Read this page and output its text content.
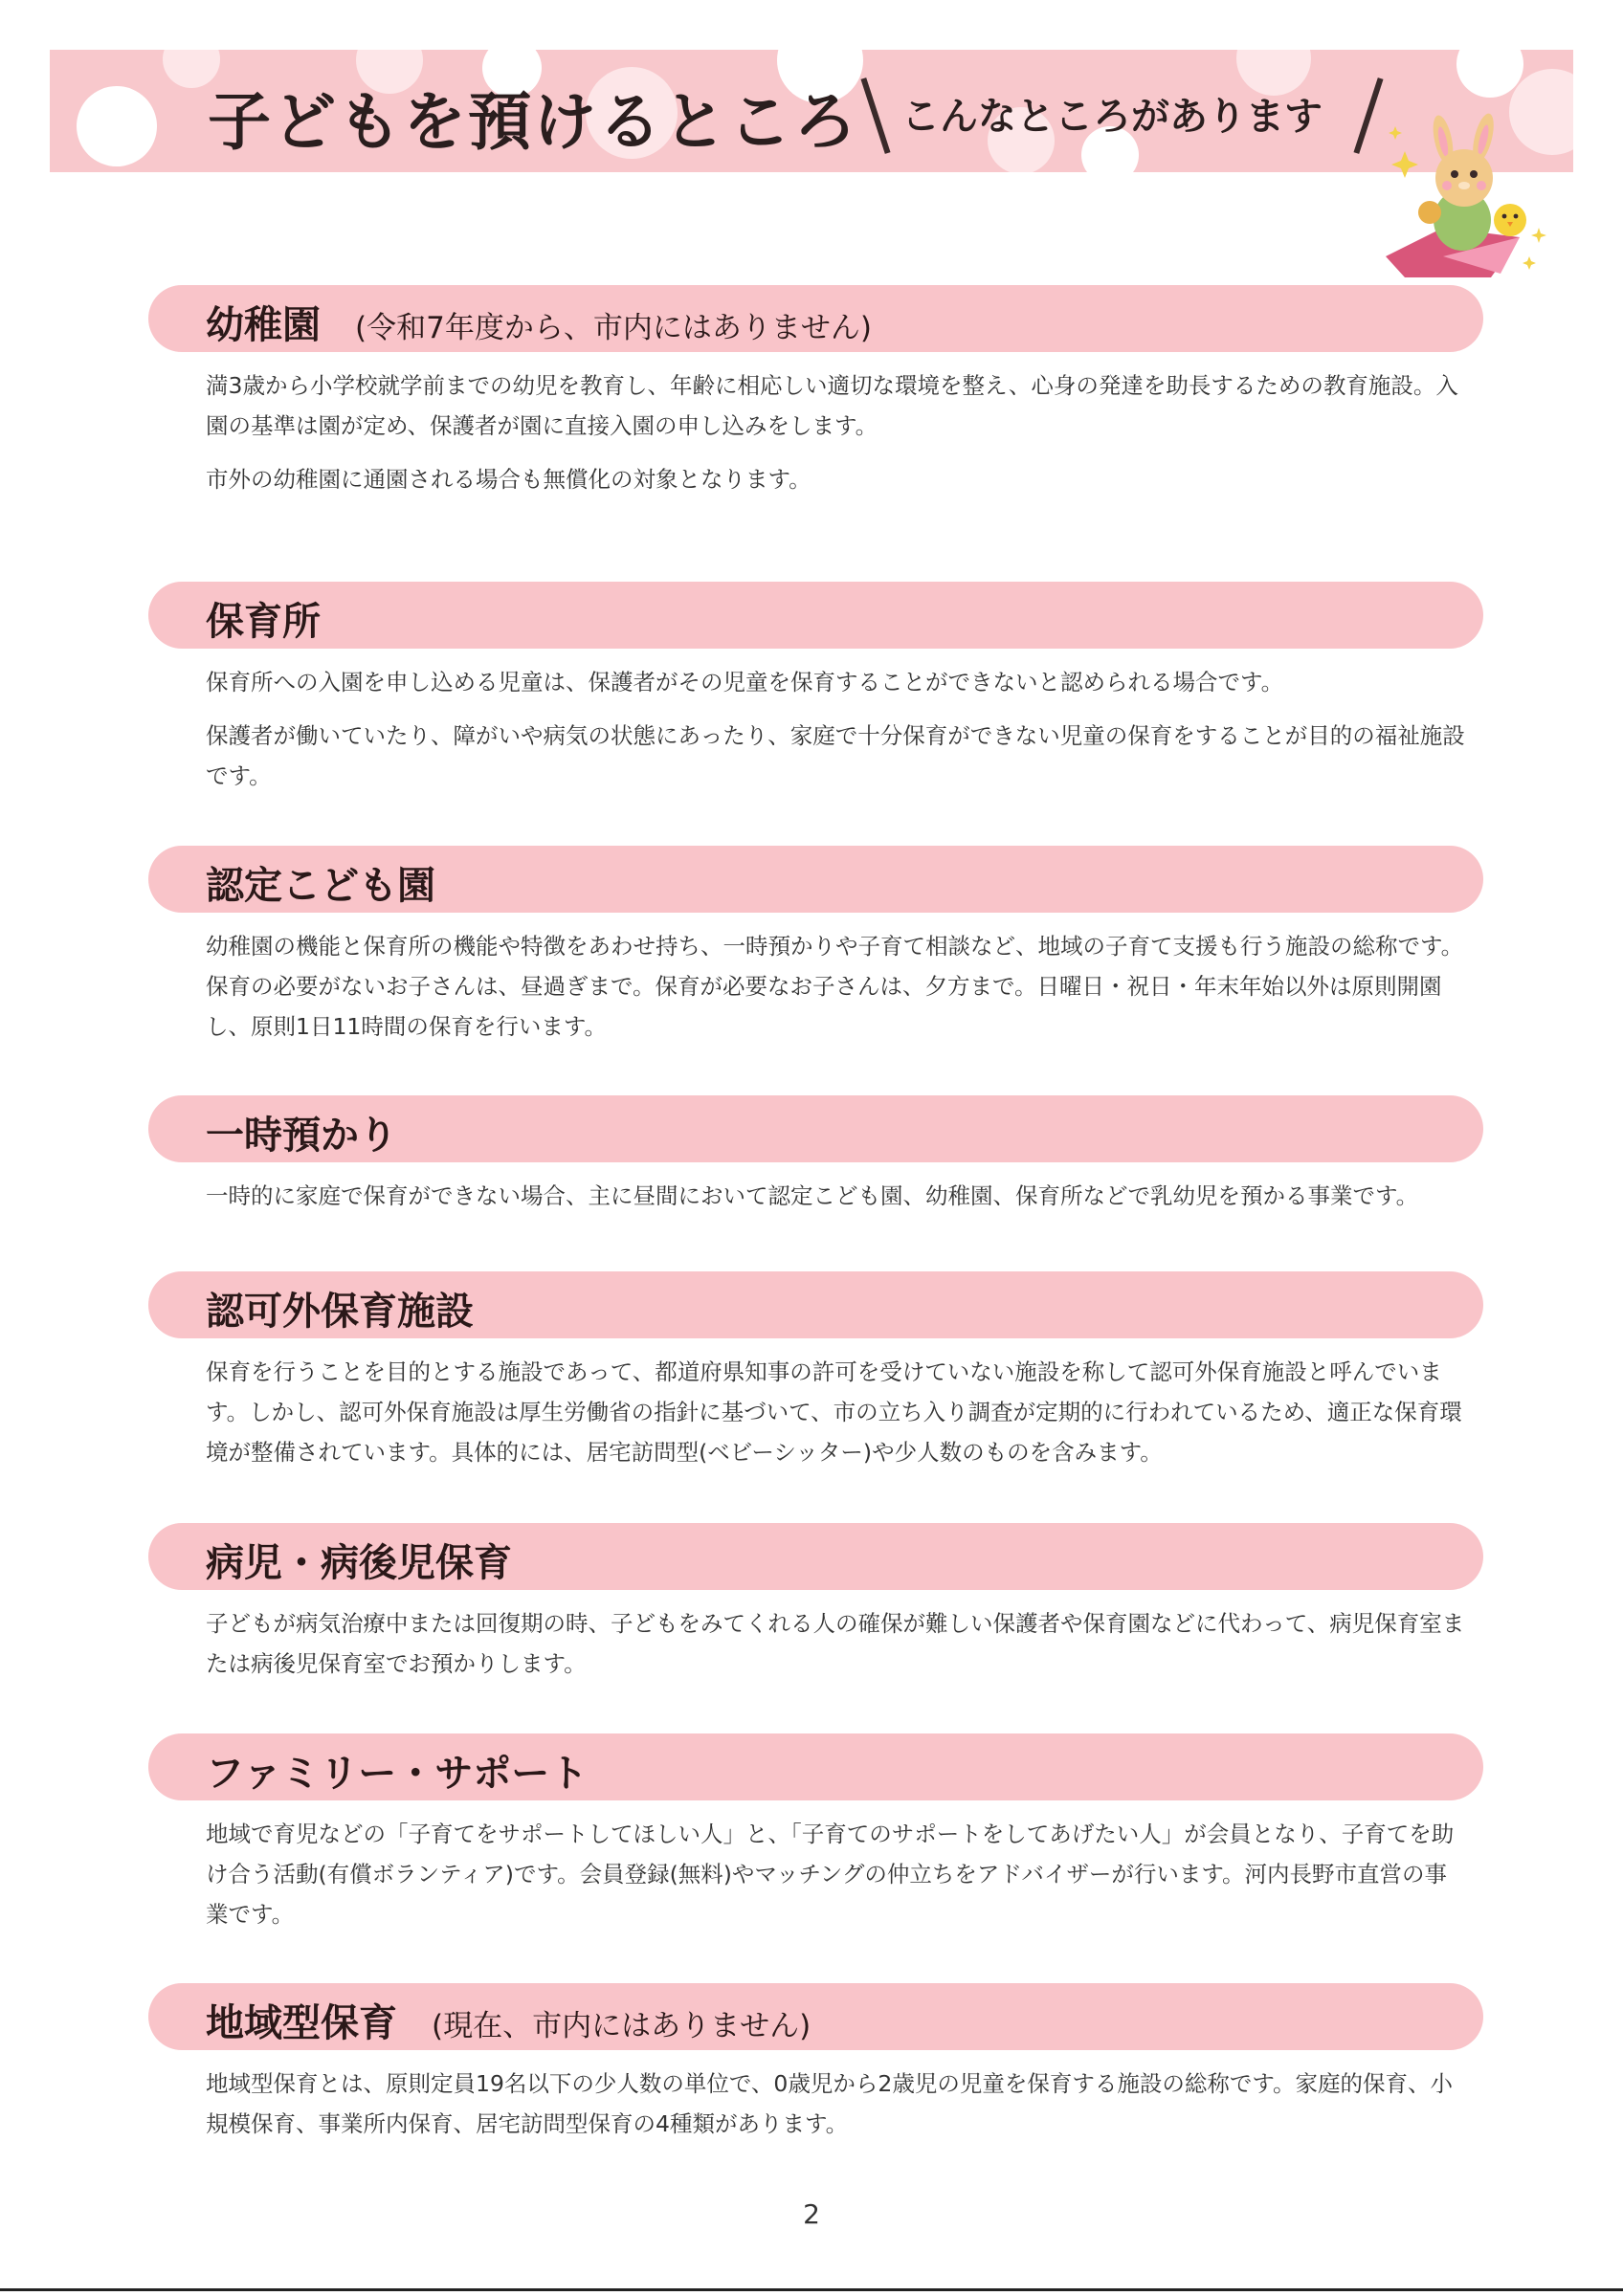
子どもを預けるところ こんなところがあります
幼稚園 (令和7年度から、市内にはありません)

満3歳から小学校就学前までの幼児を教育し、年齢に相応しい適切な環境を整え、心身の発達を助長するための教育施設。入園の基準は園が定め、保護者が園に直接入園の申し込みをします。

市外の幼稚園に通園される場合も無償化の対象となります。

保育所

保育所への入園を申し込める児童は、保護者がその児童を保育することができないと認められる場合です。

保護者が働いていたり、障がいや病気の状態にあったり、家庭で十分保育ができない児童の保育をすることが目的の福祉施設です。

認定こども園

幼稚園の機能と保育所の機能や特徴をあわせ持ち、一時預かりや子育て相談など、地域の子育て支援も行う施設の総称です。 保育の必要がないお子さんは、昼過ぎまで。保育が必要なお子さんは、夕方まで。日曜日・祝日・年末年始以外は原則開園し、原則1日11時間の保育を行います。

一時預かり

一時的に家庭で保育ができない場合、主に昼間において認定こども園、幼稚園、保育所などで乳幼児を預かる事業です。

認可外保育施設

保育を行うことを目的とする施設であって、都道府県知事の許可を受けていない施設を称して認可外保育施設と呼んでいます。しかし、認可外保育施設は厚生労働省の指針に基づいて、市の立ち入り調査が定期的に行われているため、適正な保育環境が整備されています。具体的には、居宅訪問型(ベビーシッター)や少人数のものを含みます。

病児・病後児保育

子どもが病気治療中または回復期の時、子どもをみてくれる人の確保が難しい保護者や保育園などに代わって、病児保育室または病後児保育室でお預かりします。

ファミリー・サポート

地域で育児などの「子育てをサポートしてほしい人」と、「子育てのサポートをしてあげたい人」が会員となり、子育てを助け合う活動(有償ボランティア)です。会員登録(無料)やマッチングの仲立ちをアドバイザーが行います。河内長野市直営の事業です。

地域型保育 (現在、市内にはありません)

地域型保育とは、原則定員19名以下の少人数の単位で、0歳児から2歳児の児童を保育する施設の総称です。家庭的保育、小規模保育、事業所内保育、居宅訪問型保育の4種類があります。

2
